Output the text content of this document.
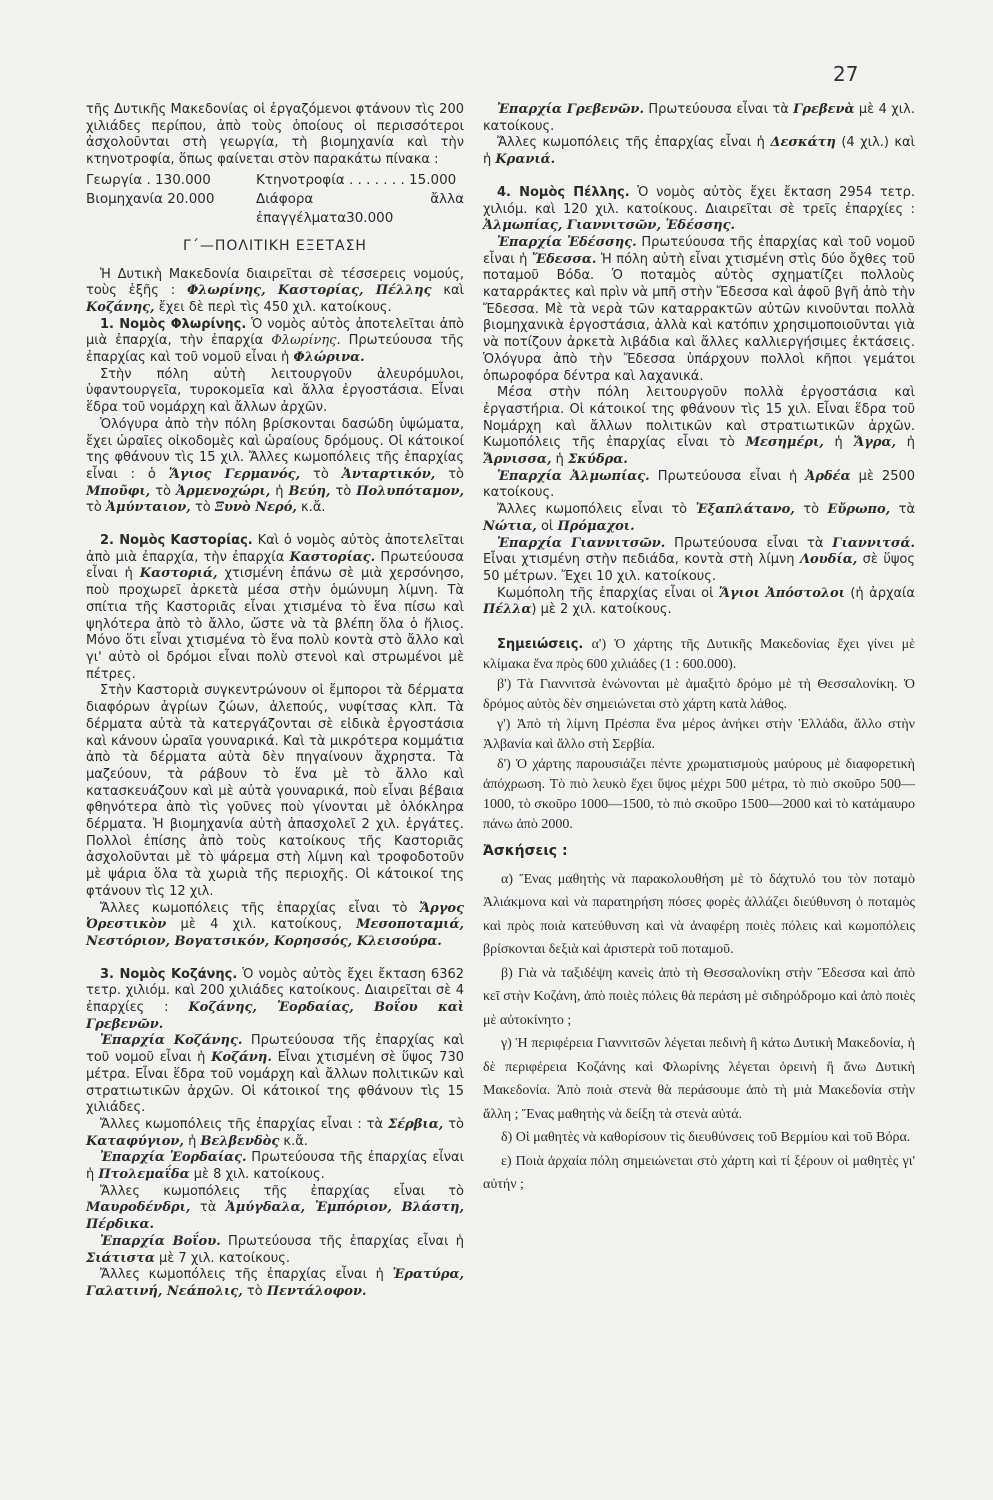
27

τῆς Δυτικῆς Μακεδονίας οἱ ἐργαζόμενοι φτάνουν τὶς 200 χιλιάδες περίπου, ἀπὸ τοὺς ὁποίους οἱ περισσότεροι ἀσχολοῦνται στὴ γεωργία, τὴ βιομηχανία καὶ τὴν κτηνοτροφία, ὅπως φαίνεται στὸν παρακάτω πίνακα :

Γεωργία . 130.000	Κτηνοτροφία . . . . . . . 15.000
Βιομηχανία 20.000	Διάφορα ἄλλα ἐπαγγέλματα30.000
Γ΄—ΠΟΛΙΤΙΚΗ ΕΞΕΤΑΣΗ

Ἡ Δυτικὴ Μακεδονία διαιρεῖται σὲ τέσσερεις νομούς, τοὺς ἑξῆς : Φλωρίνης, Καστορίας, Πέλλης καὶ Κοζάνης, ἔχει δὲ περὶ τὶς 450 χιλ. κατοίκους.

1. Νομὸς Φλωρίνης. Ὁ νομὸς αὐτὸς ἀποτελεῖται ἀπὸ μιὰ ἐπαρχία, τὴν ἐπαρχία Φλωρίνης. Πρωτεύουσα τῆς ἐπαρχίας καὶ τοῦ νομοῦ εἶναι ἡ Φλώρινα.

Στὴν πόλη αὐτὴ λειτουργοῦν ἀλευρόμυλοι, ὑφαντουργεῖα, τυροκομεῖα καὶ ἄλλα ἐργοστάσια. Εἶναι ἕδρα τοῦ νομάρχη καὶ ἄλλων ἀρχῶν.

Ὁλόγυρα ἀπὸ τὴν πόλη βρίσκονται δασώδη ὑψώματα, ἔχει ὡραῖες οἰκοδομὲς καὶ ὡραίους δρόμους. Οἱ κάτοικοί της φθάνουν τὶς 15 χιλ. Ἄλλες κωμοπόλεις τῆς ἐπαρχίας εἶναι : ὁ Ἅγιος Γερμανός, τὸ Ἀνταρτικόν, τὸ Μποῦφι, τὸ Ἀρμενοχώρι, ἡ Βεύη, τὸ Πολυπόταμον, τὸ Ἀμύνταιον, τὸ Ξυνὸ Νερό, κ.ἄ.

2. Νομὸς Καστορίας. Καὶ ὁ νομὸς αὐτὸς ἀποτελεῖται ἀπὸ μιὰ ἐπαρχία, τὴν ἐπαρχία Καστορίας. Πρωτεύουσα εἶναι ἡ Καστοριά, χτισμένη ἐπάνω σὲ μιὰ χερσόνησο, ποὺ προχωρεῖ ἀρκετὰ μέσα στὴν ὁμώνυμη λίμνη. Τὰ σπίτια τῆς Καστοριᾶς εἶναι χτισμένα τὸ ἕνα πίσω καὶ ψηλότερα ἀπὸ τὸ ἄλλο, ὥστε νὰ τὰ βλέπη ὅλα ὁ ἥλιος. Μόνο ὅτι εἶναι χτισμένα τὸ ἕνα πολὺ κοντὰ στὸ ἄλλο καὶ γι' αὐτὸ οἱ δρόμοι εἶναι πολὺ στενοὶ καὶ στρωμένοι μὲ πέτρες.

Στὴν Καστοριὰ συγκεντρώνουν οἱ ἔμποροι τὰ δέρματα διαφόρων ἀγρίων ζώων, ἀλεπούς, νυφίτσας κλπ. Τὰ δέρματα αὐτὰ τὰ κατεργάζονται σὲ εἰδικὰ ἐργοστάσια καὶ κάνουν ὡραῖα γουναρικά. Καὶ τὰ μικρότερα κομμάτια ἀπὸ τὰ δέρματα αὐτὰ δὲν πηγαίνουν ἄχρηστα. Τὰ μαζεύουν, τὰ ράβουν τὸ ἕνα μὲ τὸ ἄλλο καὶ κατασκευάζουν καὶ μὲ αὐτὰ γουναρικά, ποὺ εἶναι βέβαια φθηνότερα ἀπὸ τὶς γοῦνες ποὺ γίνονται μὲ ὁλόκληρα δέρματα. Ἡ βιομηχανία αὐτὴ ἀπασχολεῖ 2 χιλ. ἐργάτες. Πολλοὶ ἐπίσης ἀπὸ τοὺς κατοίκους τῆς Καστοριᾶς ἀσχολοῦνται μὲ τὸ ψάρεμα στὴ λίμνη καὶ τροφοδοτοῦν μὲ ψάρια ὅλα τὰ χωριὰ τῆς περιοχῆς. Οἱ κάτοικοί της φτάνουν τὶς 12 χιλ.

Ἄλλες κωμοπόλεις τῆς ἐπαρχίας εἶναι τὸ Ἄργος Ὀρεστικὸν μὲ 4 χιλ. κατοίκους, Μεσοποταμιά, Νεστόριον, Βογατσικόν, Κορησσός, Κλεισούρα.

3. Νομὸς Κοζάνης. Ὁ νομὸς αὐτὸς ἔχει ἔκταση 6362 τετρ. χιλιόμ. καὶ 200 χιλιάδες κατοίκους. Διαιρεῖται σὲ 4 ἐπαρχίες : Κοζάνης, Ἑορδαίας, Βοΐου καὶ Γρεβενῶν.

Ἐπαρχία Κοζάνης. Πρωτεύουσα τῆς ἐπαρχίας καὶ τοῦ νομοῦ εἶναι ἡ Κοζάνη. Εἶναι χτισμένη σὲ ὕψος 730 μέτρα. Εἶναι ἕδρα τοῦ νομάρχη καὶ ἄλλων πολιτικῶν καὶ στρατιωτικῶν ἀρχῶν. Οἱ κάτοικοί της φθάνουν τὶς 15 χιλιάδες.

Ἄλλες κωμοπόλεις τῆς ἐπαρχίας εἶναι : τὰ Σέρβια, τὸ Καταφύγιον, ἡ Βελβενδὸς κ.ἄ.

Ἐπαρχία Ἑορδαίας. Πρωτεύουσα τῆς ἐπαρχίας εἶναι ἡ Πτολεμαΐδα μὲ 8 χιλ. κατοίκους.

Ἄλλες κωμοπόλεις τῆς ἐπαρχίας εἶναι τὸ Μαυροδένδρι, τὰ Ἀμύγδαλα, Ἐμπόριον, Βλάστη, Πέρδικα.

Ἐπαρχία Βοΐου. Πρωτεύουσα τῆς ἐπαρχίας εἶναι ἡ Σιάτιστα μὲ 7 χιλ. κατοίκους.

Ἄλλες κωμοπόλεις τῆς ἐπαρχίας εἶναι ἡ Ἐρατύρα, Γαλατινή, Νεάπολις, τὸ Πεντάλοφον.

Ἐπαρχία Γρεβενῶν. Πρωτεύουσα εἶναι τὰ Γρεβενὰ μὲ 4 χιλ. κατοίκους.

Ἄλλες κωμοπόλεις τῆς ἐπαρχίας εἶναι ἡ Δεσκάτη (4 χιλ.) καὶ ἡ Κρανιά.

4. Νομὸς Πέλλης. Ὁ νομὸς αὐτὸς ἔχει ἔκταση 2954 τετρ. χιλιόμ. καὶ 120 χιλ. κατοίκους. Διαιρεῖται σὲ τρεῖς ἐπαρχίες : Ἀλμωπίας, Γιαννιτσῶν, Ἐδέσσης.

Ἐπαρχία Ἐδέσσης. Πρωτεύουσα τῆς ἐπαρχίας καὶ τοῦ νομοῦ εἶναι ἡ Ἔδεσσα. Ἡ πόλη αὐτὴ εἶναι χτισμένη στὶς δύο ὄχθες τοῦ ποταμοῦ Βόδα. Ὁ ποταμὸς αὐτὸς σχηματίζει πολλοὺς καταρράκτες καὶ πρὶν νὰ μπῆ στὴν Ἔδεσσα καὶ ἀφοῦ βγῆ ἀπὸ τὴν Ἔδεσσα. Μὲ τὰ νερὰ τῶν καταρρακτῶν αὐτῶν κινοῦνται πολλὰ βιομηχανικὰ ἐργοστάσια, ἀλλὰ καὶ κατόπιν χρησιμοποιοῦνται γιὰ νὰ ποτίζουν ἀρκετὰ λιβάδια καὶ ἄλλες καλλιεργήσιμες ἐκτάσεις. Ὁλόγυρα ἀπὸ τὴν Ἔδεσσα ὑπάρχουν πολλοὶ κῆποι γεμάτοι ὀπωροφόρα δέντρα καὶ λαχανικά.

Μέσα στὴν πόλη λειτουργοῦν πολλὰ ἐργοστάσια καὶ ἐργαστήρια. Οἱ κάτοικοί της φθάνουν τὶς 15 χιλ. Εἶναι ἕδρα τοῦ Νομάρχη καὶ ἄλλων πολιτικῶν καὶ στρατιωτικῶν ἀρχῶν. Κωμοπόλεις τῆς ἐπαρχίας εἶναι τὸ Μεσημέρι, ἡ Ἄγρα, ἡ Ἄρνισσα, ἡ Σκύδρα.

Ἐπαρχία Ἀλμωπίας. Πρωτεύουσα εἶναι ἡ Ἀρδέα μὲ 2500 κατοίκους.

Ἄλλες κωμοπόλεις εἶναι τὸ Ἐξαπλάτανο, τὸ Εὔρωπο, τὰ Νώτια, οἱ Πρόμαχοι.

Ἐπαρχία Γιαννιτσῶν. Πρωτεύουσα εἶναι τὰ Γιαννιτσά. Εἶναι χτισμένη στὴν πεδιάδα, κοντὰ στὴ λίμνη Λουδία, σὲ ὕψος 50 μέτρων. Ἔχει 10 χιλ. κατοίκους.

Κωμόπολη τῆς ἐπαρχίας εἶναι οἱ Ἅγιοι Ἀπόστολοι (ἡ ἀρχαία Πέλλα) μὲ 2 χιλ. κατοίκους.

Σημειώσεις. α') Ὁ χάρτης τῆς Δυτικῆς Μακεδονίας ἔχει γίνει μὲ κλίμακα ἕνα πρὸς 600 χιλιάδες (1 : 600.000).

β') Τὰ Γιαννιτσὰ ἑνώνονται μὲ ἁμαξιτὸ δρόμο μὲ τὴ Θεσσαλονίκη. Ὁ δρόμος αὐτὸς δὲν σημειώνεται στὸ χάρτη κατὰ λάθος.

γ') Ἀπὸ τὴ λίμνη Πρέσπα ἕνα μέρος ἀνήκει στὴν Ἑλλάδα, ἄλλο στὴν Ἀλβανία καὶ ἄλλο στὴ Σερβία.

δ') Ὁ χάρτης παρουσιάζει πέντε χρωματισμοὺς μαύρους μὲ διαφορετικὴ ἀπόχρωση. Τὸ πιὸ λευκὸ ἔχει ὕψος μέχρι 500 μέτρα, τὸ πιὸ σκοῦρο 500—1000, τὸ σκοῦρο 1000—1500, τὸ πιὸ σκοῦρο 1500—2000 καὶ τὸ κατάμαυρο πάνω ἀπὸ 2000.

Ἀσκήσεις :

α) Ἕνας μαθητὴς νὰ παρακολουθήση μὲ τὸ δάχτυλό του τὸν ποταμὸ Ἀλιάκμονα καὶ νὰ παρατηρήση πόσες φορὲς ἀλλάζει διεύθυνση ὁ ποταμὸς καὶ πρὸς ποιὰ κατεύθυνση καὶ νὰ ἀναφέρη ποιὲς πόλεις καὶ κωμοπόλεις βρίσκονται δεξιὰ καὶ ἀριστερὰ τοῦ ποταμοῦ.

β) Γιὰ νὰ ταξιδέψη κανεὶς ἀπὸ τὴ Θεσσαλονίκη στὴν Ἔδεσσα καὶ ἀπὸ κεῖ στὴν Κοζάνη, ἀπὸ ποιὲς πόλεις θὰ περάση μὲ σιδηρόδρομο καὶ ἀπὸ ποιὲς μὲ αὐτοκίνητο ;

γ) Ἡ περιφέρεια Γιαννιτσῶν λέγεται πεδινὴ ἢ κάτω Δυτικὴ Μακεδονία, ἡ δὲ περιφέρεια Κοζάνης καὶ Φλωρίνης λέγεται ὀρεινὴ ἢ ἄνω Δυτικὴ Μακεδονία. Ἀπὸ ποιὰ στενὰ θὰ περάσουμε ἀπὸ τὴ μιὰ Μακεδονία στὴν ἄλλη ; Ἕνας μαθητὴς νὰ δείξη τὰ στενὰ αὐτά.

δ) Οἱ μαθητὲς νὰ καθορίσουν τὶς διευθύνσεις τοῦ Βερμίου καὶ τοῦ Βόρα.

ε) Ποιὰ ἀρχαία πόλη σημειώνεται στὸ χάρτη καὶ τί ξέρουν οἱ μαθητὲς γι' αὐτήν ;
